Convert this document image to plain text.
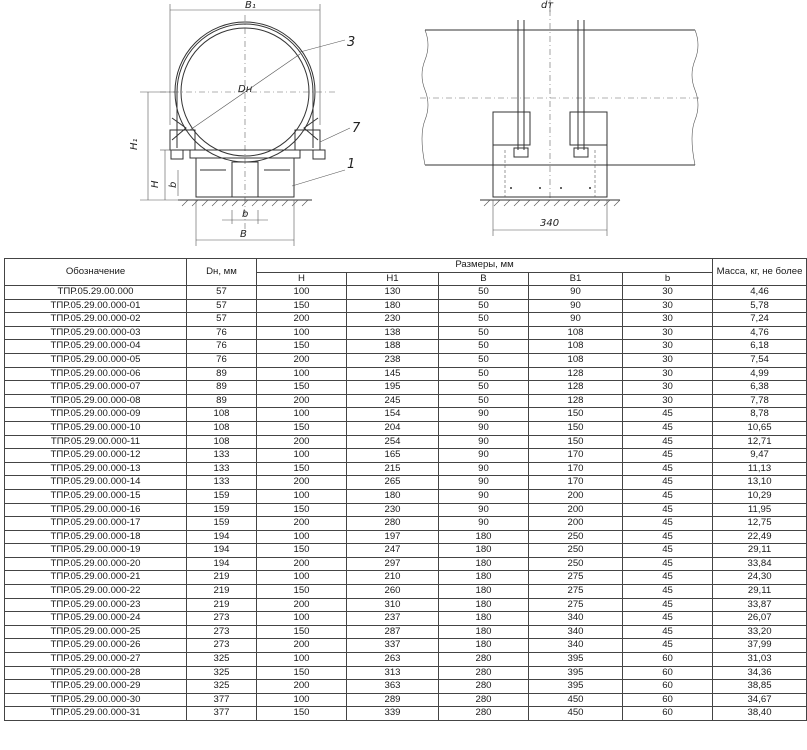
B₁
Dн
H₁
H b
b
B
3
7
1
dт
340
Обозначение	Dн, мм	Размеры, мм					Масса, кг, не более
		H	H1	B	B1	b	
ТПР.05.29.00.000	57	100	130	50	90	30	4,46
ТПР.05.29.00.000-01	57	150	180	50	90	30	5,78
ТПР.05.29.00.000-02	57	200	230	50	90	30	7,24
ТПР.05.29.00.000-03	76	100	138	50	108	30	4,76
ТПР.05.29.00.000-04	76	150	188	50	108	30	6,18
ТПР.05.29.00.000-05	76	200	238	50	108	30	7,54
ТПР.05.29.00.000-06	89	100	145	50	128	30	4,99
ТПР.05.29.00.000-07	89	150	195	50	128	30	6,38
ТПР.05.29.00.000-08	89	200	245	50	128	30	7,78
ТПР.05.29.00.000-09	108	100	154	90	150	45	8,78
ТПР.05.29.00.000-10	108	150	204	90	150	45	10,65
ТПР.05.29.00.000-11	108	200	254	90	150	45	12,71
ТПР.05.29.00.000-12	133	100	165	90	170	45	9,47
ТПР.05.29.00.000-13	133	150	215	90	170	45	11,13
ТПР.05.29.00.000-14	133	200	265	90	170	45	13,10
ТПР.05.29.00.000-15	159	100	180	90	200	45	10,29
ТПР.05.29.00.000-16	159	150	230	90	200	45	11,95
ТПР.05.29.00.000-17	159	200	280	90	200	45	12,75
ТПР.05.29.00.000-18	194	100	197	180	250	45	22,49
ТПР.05.29.00.000-19	194	150	247	180	250	45	29,11
ТПР.05.29.00.000-20	194	200	297	180	250	45	33,84
ТПР.05.29.00.000-21	219	100	210	180	275	45	24,30
ТПР.05.29.00.000-22	219	150	260	180	275	45	29,11
ТПР.05.29.00.000-23	219	200	310	180	275	45	33,87
ТПР.05.29.00.000-24	273	100	237	180	340	45	26,07
ТПР.05.29.00.000-25	273	150	287	180	340	45	33,20
ТПР.05.29.00.000-26	273	200	337	180	340	45	37,99
ТПР.05.29.00.000-27	325	100	263	280	395	60	31,03
ТПР.05.29.00.000-28	325	150	313	280	395	60	34,36
ТПР.05.29.00.000-29	325	200	363	280	395	60	38,85
ТПР.05.29.00.000-30	377	100	289	280	450	60	34,67
ТПР.05.29.00.000-31	377	150	339	280	450	60	38,40
